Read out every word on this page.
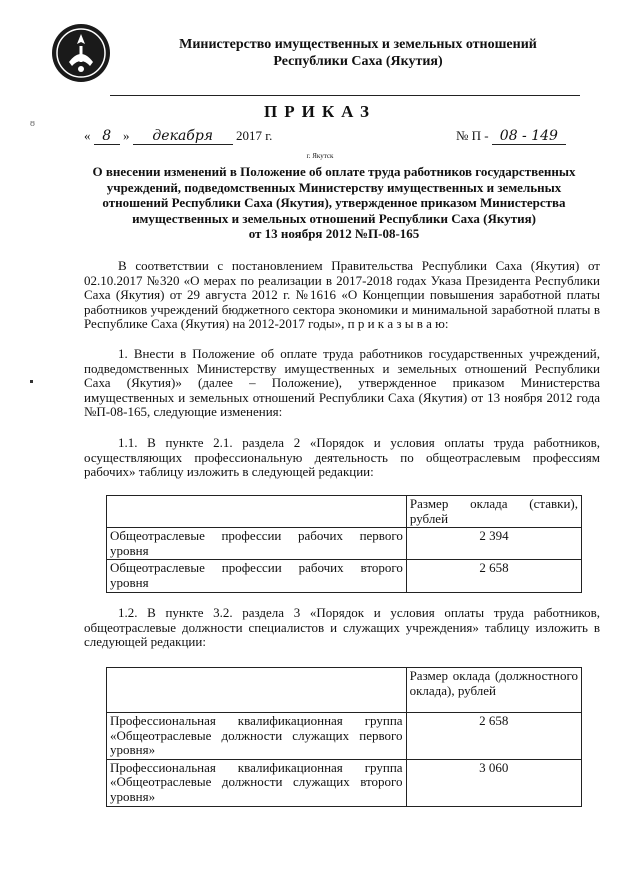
Министерство имущественных и земельных отношений
Республики Саха (Якутия)
ПРИКАЗ
ʊ
« 8 » декабря 2017 г.	№ П - 08 - 149
г. Якутск
О внесении изменений в Положение об оплате труда работников государственных
учреждений, подведомственных Министерству имущественных и земельных
отношений Республики Саха (Якутия), утвержденное приказом Министерства
имущественных и земельных отношений Республики Саха (Якутия)
от 13 ноября 2012 №П-08-165
В соответствии с постановлением Правительства Республики Саха (Якутия) от 02.10.2017 №320 «О мерах по реализации в 2017-2018 годах Указа Президента Республики Саха (Якутия) от 29 августа 2012 г. №1616 «О Концепции повышения заработной платы работников учреждений бюджетного сектора экономики и минимальной заработной платы в Республике Саха (Якутия) на 2012-2017 годы», п р и к а з ы в а ю:
1. Внести в Положение об оплате труда работников государственных учреждений, подведомственных Министерству имущественных и земельных отношений Республики Саха (Якутия)» (далее – Положение), утвержденное приказом Министерства имущественных и земельных отношений Республики Саха (Якутия) от 13 ноября 2012 года №П-08-165, следующие изменения:
1.1. В пункте 2.1. раздела 2 «Порядок и условия оплаты труда работников, осуществляющих профессиональную деятельность по общеотраслевым профессиям рабочих» таблицу изложить в следующей редакции:
	Размер оклада (ставки), рублей
Общеотраслевые профессии рабочих первого уровня	2 394
Общеотраслевые профессии рабочих второго уровня	2 658
1.2. В пункте 3.2. раздела 3 «Порядок и условия оплаты труда работников, общеотраслевые должности специалистов и служащих учреждения» таблицу изложить в следующей редакции:
	Размер оклада (должностного оклада), рублей
Профессиональная квалификационная группа «Общеотраслевые должности служащих первого уровня»	2 658
Профессиональная квалификационная группа «Общеотраслевые должности служащих второго уровня»	3 060
